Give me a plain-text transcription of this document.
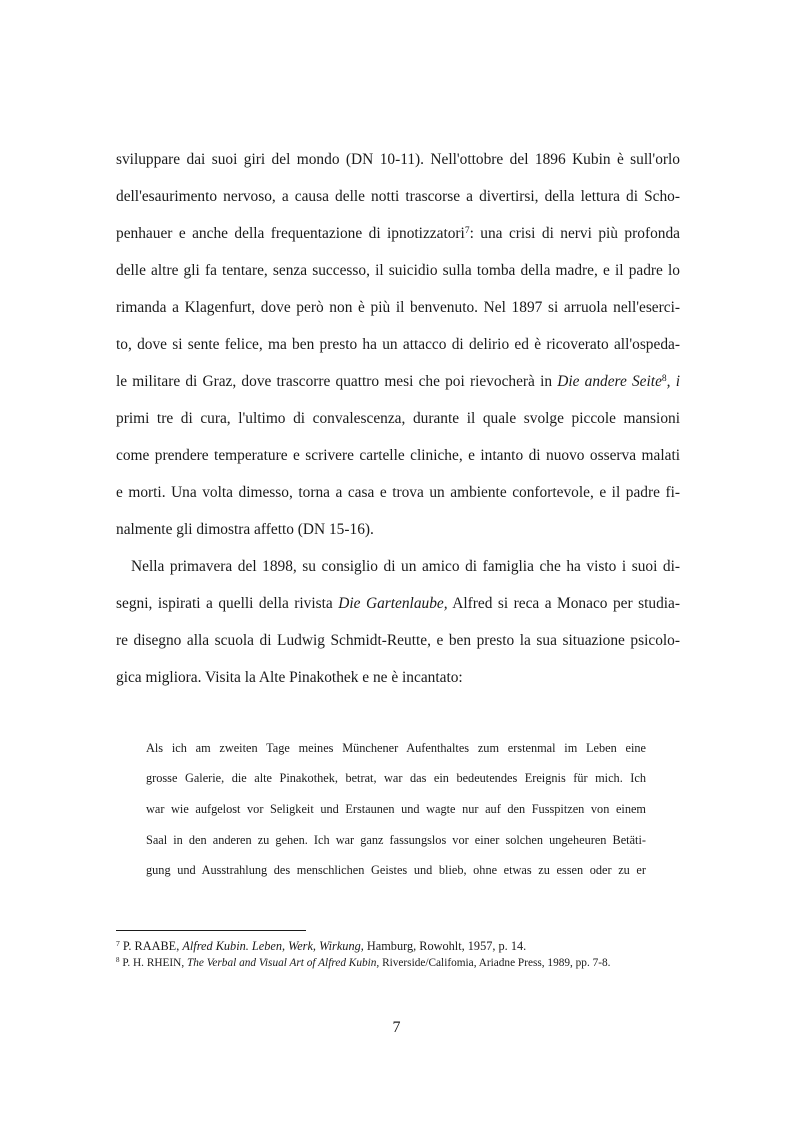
sviluppare dai suoi giri del mondo (DN 10-11). Nell'ottobre del 1896 Kubin è sull'orlo

dell'esaurimento nervoso, a causa delle notti trascorse a divertirsi, della lettura di Scho-

penhauer e anche della frequentazione di ipnotizzatori$^7$: una crisi di nervi più profonda

delle altre gli fa tentare, senza successo, il suicidio sulla tomba della madre, e il padre lo

rimanda a Klagenfurt, dove però non è più il benvenuto. Nel 1897 si arruola nell'eserci-

to, dove si sente felice, ma ben presto ha un attacco di delirio ed è ricoverato all'ospeda-

le militare di Graz, dove trascorre quattro mesi che poi rievocherà in Die andere Seite$^8$, i

primi tre di cura, l'ultimo di convalescenza, durante il quale svolge piccole mansioni

come prendere temperature e scrivere cartelle cliniche, e intanto di nuovo osserva malati

e morti. Una volta dimesso, torna a casa e trova un ambiente confortevole, e il padre fi-

nalmente gli dimostra affetto (DN 15-16).

Nella primavera del 1898, su consiglio di un amico di famiglia che ha visto i suoi di-

segni, ispirati a quelli della rivista Die Gartenlaube, Alfred si reca a Monaco per studia-

re disegno alla scuola di Ludwig Schmidt-Reutte, e ben presto la sua situazione psicolo-

gica migliora. Visita la Alte Pinakothek e ne è incantato:

Als ich am zweiten Tage meines Münchener Aufenthaltes zum erstenmal im Leben eine

grosse Galerie, die alte Pinakothek, betrat, war das ein bedeutendes Ereignis für mich. Ich

war wie aufgelost vor Seligkeit und Erstaunen und wagte nur auf den Fusspitzen von einem

Saal in den anderen zu gehen. Ich war ganz fassungslos vor einer solchen ungeheuren Betäti-

gung und Ausstrahlung des menschlichen Geistes und blieb, ohne etwas zu essen oder zu er

$^7$ P. RAABE, Alfred Kubin. Leben, Werk, Wirkung, Hamburg, Rowohlt, 1957, p. 14.

$^8$ P. H. RHEIN, The Verbal and Visual Art of Alfred Kubin, Riverside/Califomia, Ariadne Press, 1989, pp. 7-8.

7
